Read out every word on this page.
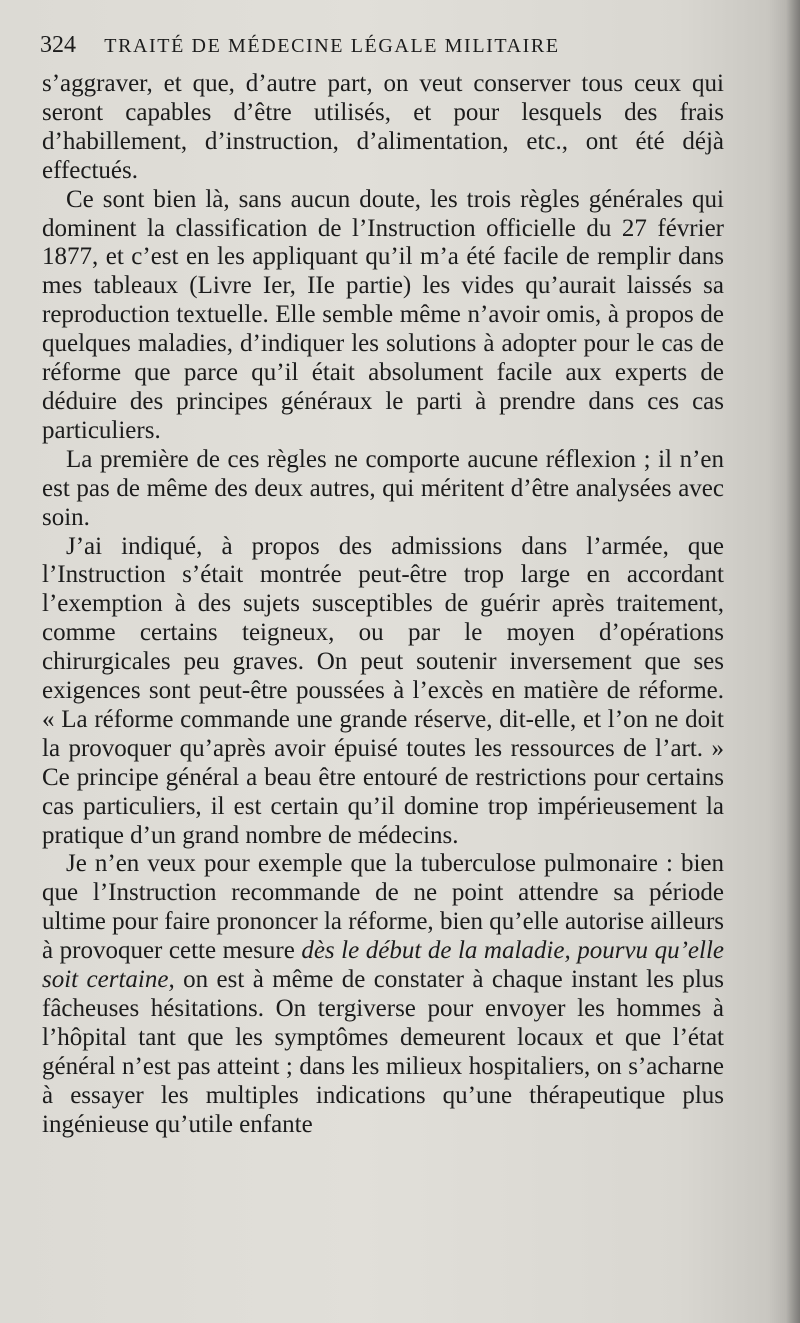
324 TRAITÉ DE MÉDECINE LÉGALE MILITAIRE

s’aggraver, et que, d’autre part, on veut conserver tous ceux qui seront capables d’être utilisés, et pour lesquels des frais d’habillement, d’instruction, d’alimentation, etc., ont été déjà effectués.

Ce sont bien là, sans aucun doute, les trois règles générales qui dominent la classification de l’Instruction officielle du 27 février 1877, et c’est en les appliquant qu’il m’a été facile de remplir dans mes tableaux (Livre Ier, IIe partie) les vides qu’aurait laissés sa reproduction textuelle. Elle semble même n’avoir omis, à propos de quelques maladies, d’indiquer les solutions à adopter pour le cas de réforme que parce qu’il était absolument facile aux experts de déduire des principes généraux le parti à prendre dans ces cas particuliers.

La première de ces règles ne comporte aucune réflexion ; il n’en est pas de même des deux autres, qui méritent d’être analysées avec soin.

J’ai indiqué, à propos des admissions dans l’armée, que l’Instruction s’était montrée peut-être trop large en accordant l’exemption à des sujets susceptibles de guérir après traitement, comme certains teigneux, ou par le moyen d’opérations chirurgicales peu graves. On peut soutenir inversement que ses exigences sont peut-être poussées à l’excès en matière de réforme. « La réforme commande une grande réserve, dit-elle, et l’on ne doit la provoquer qu’après avoir épuisé toutes les ressources de l’art. » Ce principe général a beau être entouré de restrictions pour certains cas particuliers, il est certain qu’il domine trop impérieusement la pratique d’un grand nombre de médecins.

Je n’en veux pour exemple que la tuberculose pulmonaire : bien que l’Instruction recommande de ne point attendre sa période ultime pour faire prononcer la réforme, bien qu’elle autorise ailleurs à provoquer cette mesure dès le début de la maladie, pourvu qu’elle soit certaine, on est à même de constater à chaque instant les plus fâcheuses hésitations. On tergiverse pour envoyer les hommes à l’hôpital tant que les symptômes demeurent locaux et que l’état général n’est pas atteint ; dans les milieux hospitaliers, on s’acharne à essayer les multiples indications qu’une thérapeutique plus ingénieuse qu’utile enfante
